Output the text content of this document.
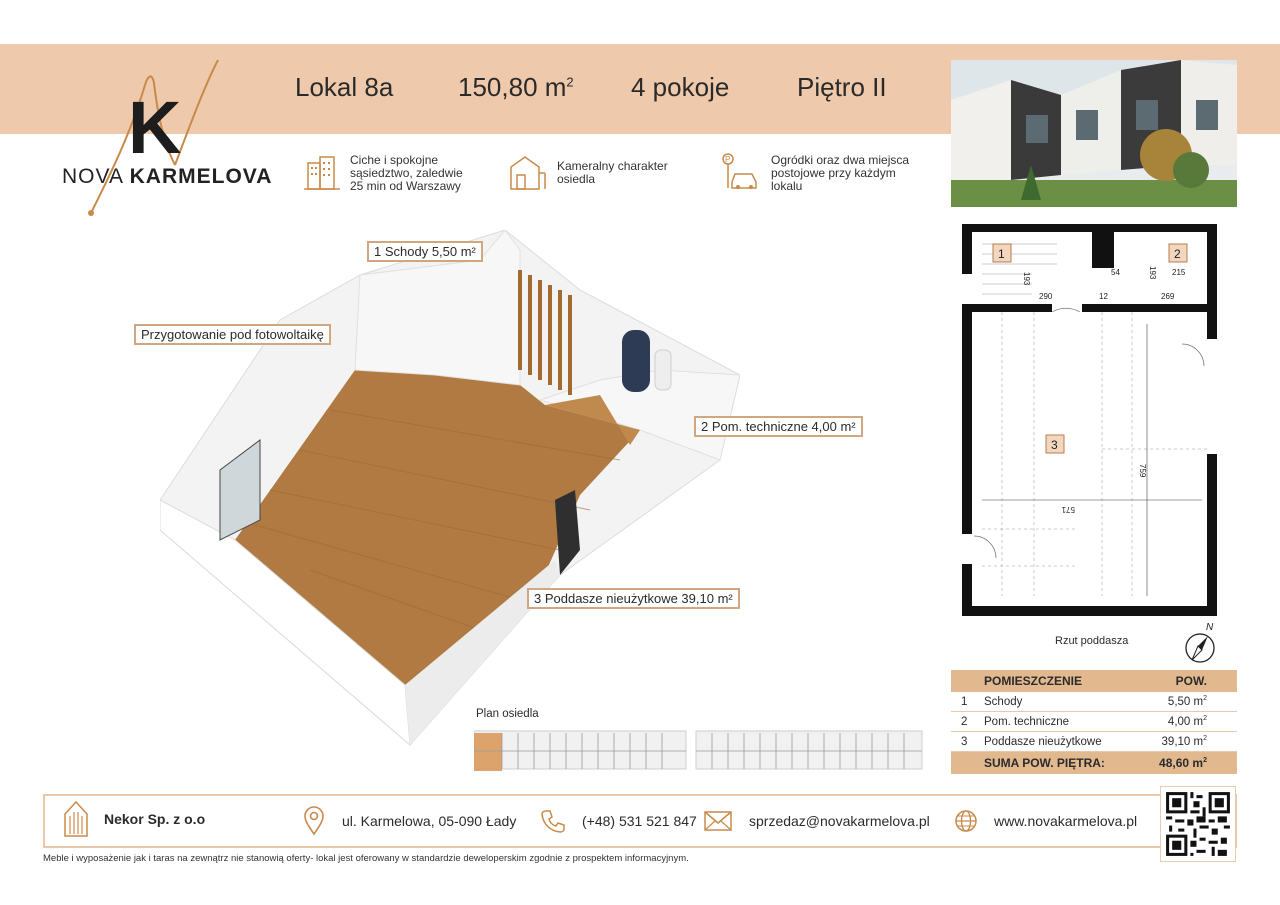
K
NOVA KARMELOVA
Lokal 8a 150,80 $m^2$ 4 pokoje	Piętro II
Ciche i spokojne
sąsiedztwo, zaledwie
25 min od Warszawy
Kameralny charakter
osiedla
P	Ogródki oraz dwa miejsca
postojowe przy każdym
lokalu
1 Schody 5,50 m²
Przygotowanie pod fotowoltaikę
2 Pom. techniczne 4,00 m²
3 Poddasze nieużytkowe 39,10 m²
1	2
3
290	12	269
54	215
193	193
759
571
Rzut poddasza
N
Plan osiedla
POMIESZCZENIE	POW.
1	Schody	5,50 $m^2$
2	Pom. techniczne	4,00 $m^2$
3	Poddasze nieużytkowe	39,10 $m^2$
SUMA POW. PIĘTRA:	48,60 $m^2$
Nekor Sp. z o.o	ul. Karmelowa, 05-090 Łady	(+48) 531 521 847	sprzedaz@novakarmelova.pl	www.novakarmelova.pl
Meble i wyposażenie jak i taras na zewnątrz nie stanowią oferty- lokal jest oferowany w standardzie deweloperskim zgodnie z prospektem informacyjnym.
